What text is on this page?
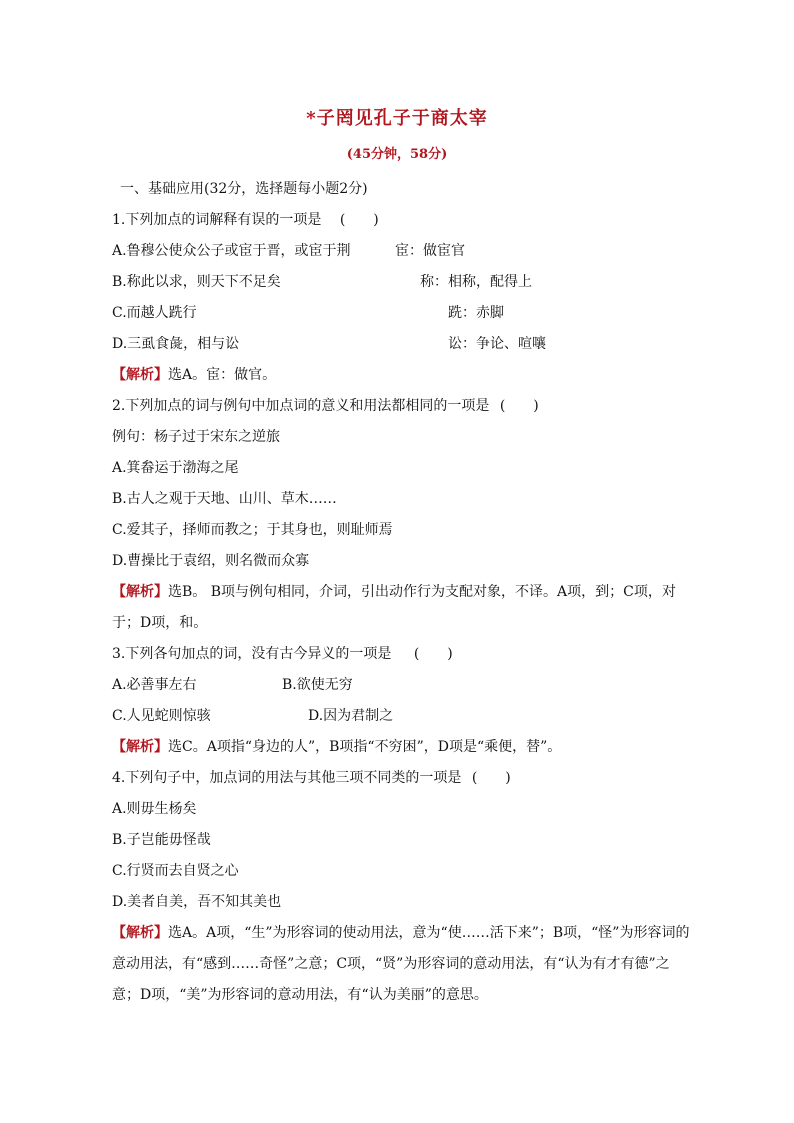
*子罔见孔子于商太宰
(45分钟，58分)
一、基础应用(32分，选择题每小题2分)
1.下列加点的词解释有误的一项是 (　　)
A.鲁穆公使众公子或宦于晋，或宦于荆	宦：做宦官
B.称此以求，则天下不足矣	称：相称，配得上
C.而越人跣行	跣：赤脚
D.三虱食彘，相与讼	讼：争论、喧嚷
【解析】选A。宦：做官。
2.下列加点的词与例句中加点词的意义和用法都相同的一项是 (　　)
例句：杨子过于宋东之逆旅
A.箕畚运于渤海之尾
B.古人之观于天地、山川、草木……
C.爱其子，择师而教之；于其身也，则耻师焉
D.曹操比于袁绍，则名微而众寡
【解析】选B。 B项与例句相同，介词，引出动作行为支配对象，不译。A项，到；C项，对于；D项，和。
3.下列各句加点的词，没有古今异义的一项是 (　　)
A.必善事左右	B.欲使无穷
C.人见蛇则惊骇	D.因为君制之
【解析】选C。A项指“身边的人”，B项指“不穷困”，D项是“乘便，替”。
4.下列句子中，加点词的用法与其他三项不同类的一项是 (　　)
A.则毋生杨矣
B.子岂能毋怪哉
C.行贤而去自贤之心
D.美者自美，吾不知其美也
【解析】选A。A项，“生”为形容词的使动用法，意为“使……活下来”；B项，“怪”为形容词的意动用法，有“感到……奇怪”之意；C项，“贤”为形容词的意动用法，有“认为有才有德”之意；D项，“美”为形容词的意动用法，有“认为美丽”的意思。
